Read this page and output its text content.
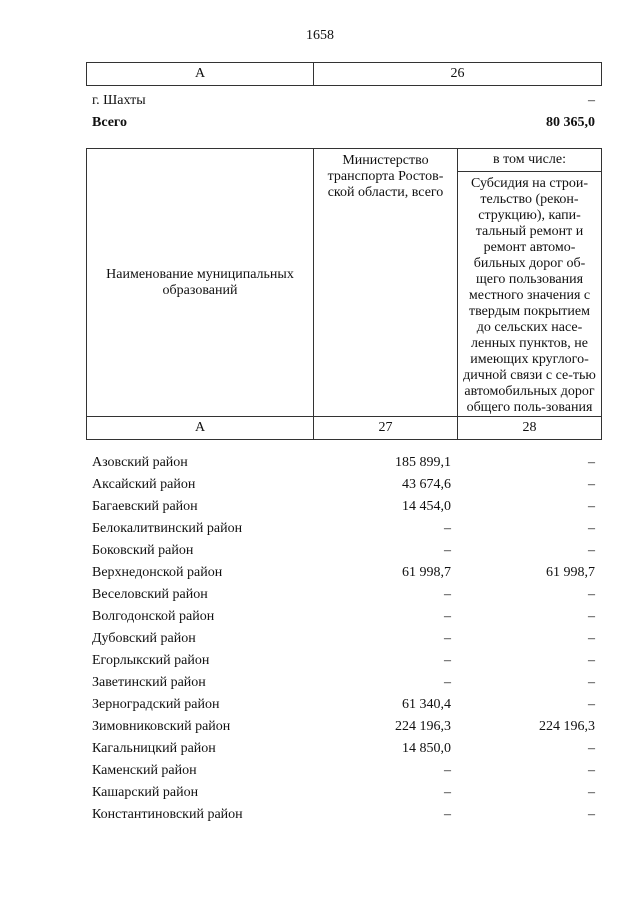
1658
А	26
г. Шахты	–
Всего	80 365,0
Наименование муниципальных образований	Министерство транспорта Ростов-ской области, всего	в том числе:
		Субсидия на строи-тельство (рекон-струкцию), капи-тальный ремонт и ремонт автомо-бильных дорог об-щего пользования местного значения с твердым покрытием до сельских насе-ленных пунктов, не имеющих круглого-дичной связи с се-тью автомобильных дорог общего поль-зования
А	27	28
Азовский район	185 899,1	–
Аксайский район	43 674,6	–
Багаевский район	14 454,0	–
Белокалитвинский район	–	–
Боковский район	–	–
Верхнедонской район	61 998,7	61 998,7
Веселовский район	–	–
Волгодонской район	–	–
Дубовский район	–	–
Егорлыкский район	–	–
Заветинский район	–	–
Зерноградский район	61 340,4	–
Зимовниковский район	224 196,3	224 196,3
Кагальницкий район	14 850,0	–
Каменский район	–	–
Кашарский район	–	–
Константиновский район	–	–
